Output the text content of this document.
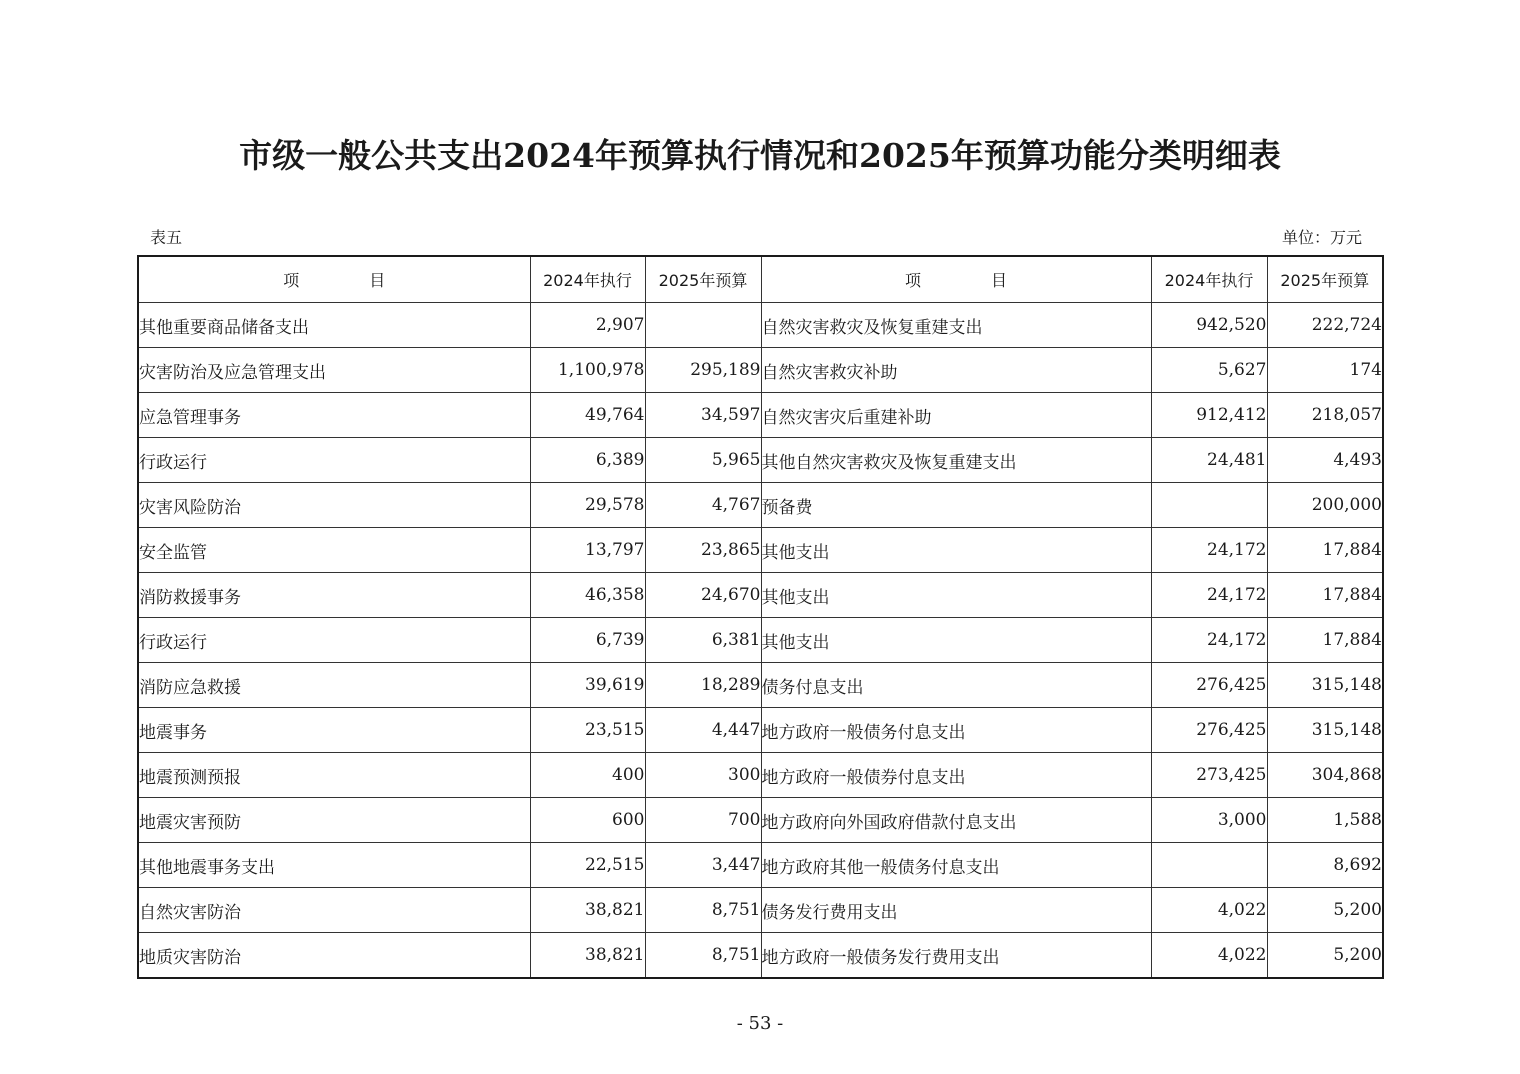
市级一般公共支出2024年预算执行情况和2025年预算功能分类明细表
表五	单位：万元
项 目	2024年执行	2025年预算	项 目	2024年执行	2025年预算
其他重要商品储备支出	2,907		自然灾害救灾及恢复重建支出	942,520	222,724
灾害防治及应急管理支出	1,100,978	295,189	自然灾害救灾补助	5,627	174
应急管理事务	49,764	34,597	自然灾害灾后重建补助	912,412	218,057
行政运行	6,389	5,965	其他自然灾害救灾及恢复重建支出	24,481	4,493
灾害风险防治	29,578	4,767	预备费		200,000
安全监管	13,797	23,865	其他支出	24,172	17,884
消防救援事务	46,358	24,670	其他支出	24,172	17,884
行政运行	6,739	6,381	其他支出	24,172	17,884
消防应急救援	39,619	18,289	债务付息支出	276,425	315,148
地震事务	23,515	4,447	地方政府一般债务付息支出	276,425	315,148
地震预测预报	400	300	地方政府一般债券付息支出	273,425	304,868
地震灾害预防	600	700	地方政府向外国政府借款付息支出	3,000	1,588
其他地震事务支出	22,515	3,447	地方政府其他一般债务付息支出		8,692
自然灾害防治	38,821	8,751	债务发行费用支出	4,022	5,200
地质灾害防治	38,821	8,751	地方政府一般债务发行费用支出	4,022	5,200
- 53 -
